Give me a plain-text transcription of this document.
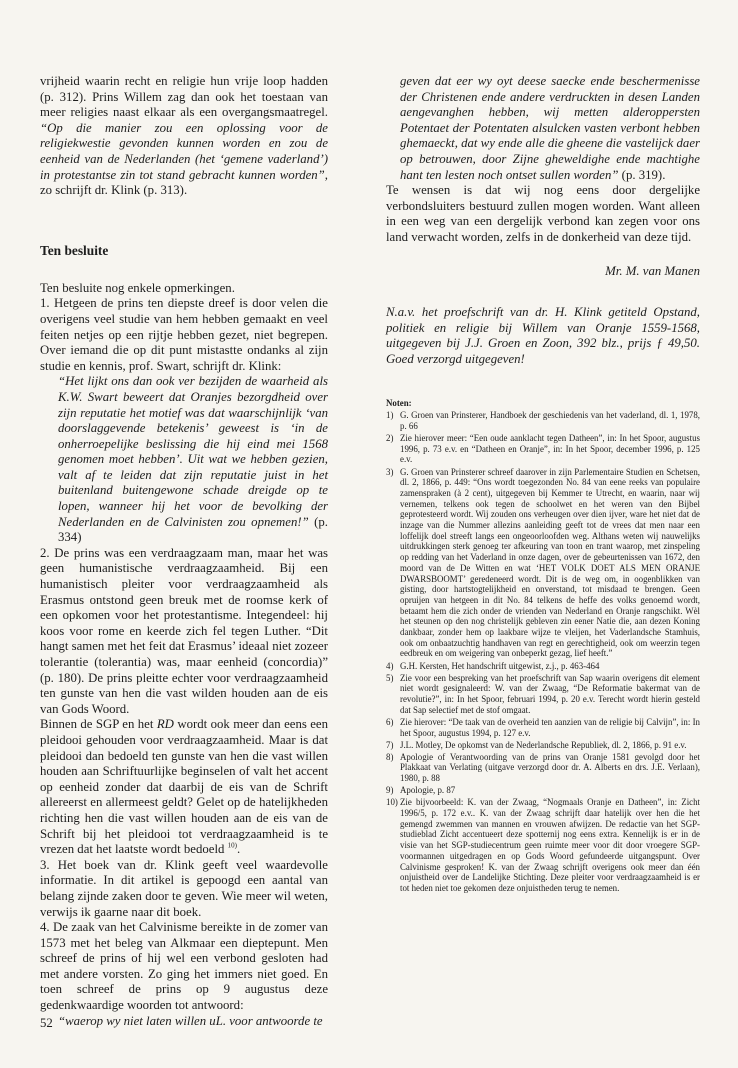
vrijheid waarin recht en religie hun vrije loop hadden (p. 312). Prins Willem zag dan ook het toestaan van meer religies naast elkaar als een overgangsmaatregel. “Op die manier zou een oplossing voor de religiekwestie gevonden kunnen worden en zou de eenheid van de Nederlanden (het ‘gemene vaderland’) in protestantse zin tot stand gebracht kunnen worden”, zo schrijft dr. Klink (p. 313).

Ten besluite

Ten besluite nog enkele opmerkingen.

1. Hetgeen de prins ten diepste dreef is door velen die overigens veel studie van hem hebben gemaakt en veel feiten netjes op een rijtje hebben gezet, niet begrepen. Over iemand die op dit punt mistastte ondanks al zijn studie en kennis, prof. Swart, schrijft dr. Klink:

“Het lijkt ons dan ook ver bezijden de waarheid als K.W. Swart beweert dat Oranjes bezorgdheid over zijn reputatie het motief was dat waarschijnlijk ‘van doorslaggevende betekenis’ geweest is ‘in de onherroepelijke beslissing die hij eind mei 1568 genomen moet hebben’. Uit wat we hebben gezien, valt af te leiden dat zijn reputatie juist in het buitenland buitengewone schade dreigde op te lopen, wanneer hij het voor de bevolking der Nederlanden en de Calvinisten zou opnemen!” (p. 334)

2. De prins was een verdraagzaam man, maar het was geen humanistische verdraagzaamheid. Bij een humanistisch pleiter voor verdraagzaamheid als Erasmus ontstond geen breuk met de roomse kerk of een opkomen voor het protestantisme. Integendeel: hij koos voor rome en keerde zich fel tegen Luther. “Dit hangt samen met het feit dat Erasmus’ ideaal niet zozeer tolerantie (tolerantia) was, maar eenheid (concordia)” (p. 180). De prins pleitte echter voor verdraagzaamheid ten gunste van hen die vast wilden houden aan de eis van Gods Woord.

Binnen de SGP en het RD wordt ook meer dan eens een pleidooi gehouden voor verdraagzaamheid. Maar is dat pleidooi dan bedoeld ten gunste van hen die vast willen houden aan Schriftuurlijke beginselen of valt het accent op eenheid zonder dat daarbij de eis van de Schrift allereerst en allermeest geldt? Gelet op de hatelijkheden richting hen die vast willen houden aan de eis van de Schrift bij het pleidooi tot verdraagzaamheid is te vrezen dat het laatste wordt bedoeld $^{10)}$.

3. Het boek van dr. Klink geeft veel waardevolle informatie. In dit artikel is gepoogd een aantal van belang zijnde zaken door te geven. Wie meer wil weten, verwijs ik gaarne naar dit boek.

4. De zaak van het Calvinisme bereikte in de zomer van 1573 met het beleg van Alkmaar een dieptepunt. Men schreef de prins of hij wel een verbond gesloten had met andere vorsten. Zo ging het immers niet goed. En toen schreef de prins op 9 augustus deze gedenkwaardige woorden tot antwoord:

“waerop wy niet laten willen uL. voor antwoorde te

geven dat eer wy oyt deese saecke ende beschermenisse der Christenen ende andere verdruckten in desen Landen aengevanghen hebben, wij metten alderoppersten Potentaet der Potentaten alsulcken vasten verbont hebben ghemaeckt, dat wy ende alle die gheene die vastelijck daer op betrouwen, door Zijne gheweldighe ende machtighe hant ten lesten noch ontset sullen worden” (p. 319).

Te wensen is dat wij nog eens door dergelijke verbondsluiters bestuurd zullen mogen worden. Want alleen in een weg van een dergelijk verbond kan zegen voor ons land verwacht worden, zelfs in de donkerheid van deze tijd.

Mr. M. van Manen

N.a.v. het proefschrift van dr. H. Klink getiteld Opstand, politiek en religie bij Willem van Oranje 1559-1568, uitgegeven bij J.J. Groen en Zoon, 392 blz., prijs ƒ 49,50. Goed verzorgd uitgegeven!

Noten:
1) G. Groen van Prinsterer, Handboek der geschiedenis van het vaderland, dl. 1, 1978, p. 66
2) Zie hierover meer: “Een oude aanklacht tegen Datheen”, in: In het Spoor, augustus 1996, p. 73 e.v. en “Datheen en Oranje”, in: In het Spoor, december 1996, p. 125 e.v.
3) G. Groen van Prinsterer schreef daarover in zijn Parlementaire Studien en Schetsen, dl. 2, 1866, p. 449: “Ons wordt toegezonden No. 84 van eene reeks van populaire zamenspraken (à 2 cent), uitgegeven bij Kemmer te Utrecht, en waarin, naar wij vernemen, telkens ook tegen de schoolwet en het weren van den Bijbel geprotesteerd wordt. Wij zouden ons verheugen over dien ijver, ware het niet dat de inzage van die Nummer allezins aanleiding geeft tot de vrees dat men naar een loffelijk doel streeft langs een ongeoorloofden weg. Althans weten wij nauwelijks uitdrukkingen sterk genoeg ter afkeuring van toon en trant waarop, met zinspeling op redding van het Vaderland in onze dagen, over de gebeurtenissen van 1672, den moord van de De Witten en wat ‘HET VOLK DOET ALS MEN ORANJE DWARSBOOMT’ geredeneerd wordt. Dit is de weg om, in oogenblikken van gisting, door hartstogtelijkheid en onverstand, tot misdaad te brengen. Geen opruijen van hetgeen in dit No. 84 telkens de heffe des volks genoemd wordt, betaamt hem die zich onder de vrienden van Nederland en Oranje rangschikt. Wèl het steunen op den nog christelijk gebleven zin eener Natie die, aan dezen Koning dankbaar, zonder hem op laakbare wijze te vleijen, het Vaderlandsche Stamhuis, ook om onbaatzuchtig handhaven van regt en gerechtigheid, ook om weerzin tegen eedbreuk en om weigering van onbeperkt gezag, lief heeft.”
4) G.H. Kersten, Het handschrift uitgewist, z.j., p. 463-464
5) Zie voor een bespreking van het proefschrift van Sap waarin overigens dit element niet wordt gesignaleerd: W. van der Zwaag, “De Reformatie bakermat van de revolutie?”, in: In het Spoor, februari 1994, p. 20 e.v. Terecht wordt hierin gesteld dat Sap selectief met de stof omgaat.
6) Zie hierover: “De taak van de overheid ten aanzien van de religie bij Calvijn”, in: In het Spoor, augustus 1994, p. 127 e.v.
7) J.L. Motley, De opkomst van de Nederlandsche Republiek, dl. 2, 1866, p. 91 e.v.
8) Apologie of Verantwoording van de prins van Oranje 1581 gevolgd door het Plakkaat van Verlating (uitgave verzorgd door dr. A. Alberts en drs. J.E. Verlaan), 1980, p. 88
9) Apologie, p. 87
10) Zie bijvoorbeeld: K. van der Zwaag, “Nogmaals Oranje en Datheen”, in: Zicht 1996/5, p. 172 e.v.. K. van der Zwaag schrijft daar hatelijk over hen die het gemengd zwemmen van mannen en vrouwen afwijzen. De redactie van het SGP-studieblad Zicht accentueert deze spotternij nog eens extra. Kennelijk is er in de visie van het SGP-studiecentrum geen ruimte meer voor dit door vroegere SGP-voormannen uitgedragen en op Gods Woord gefundeerde uitgangspunt. Over Calvinisme gesproken! K. van der Zwaag schrijft overigens ook meer dan één onjuistheid over de Landelijke Stichting. Deze pleiter voor verdraagzaamheid is er tot heden niet toe gekomen deze onjuistheden terug te nemen.
52
